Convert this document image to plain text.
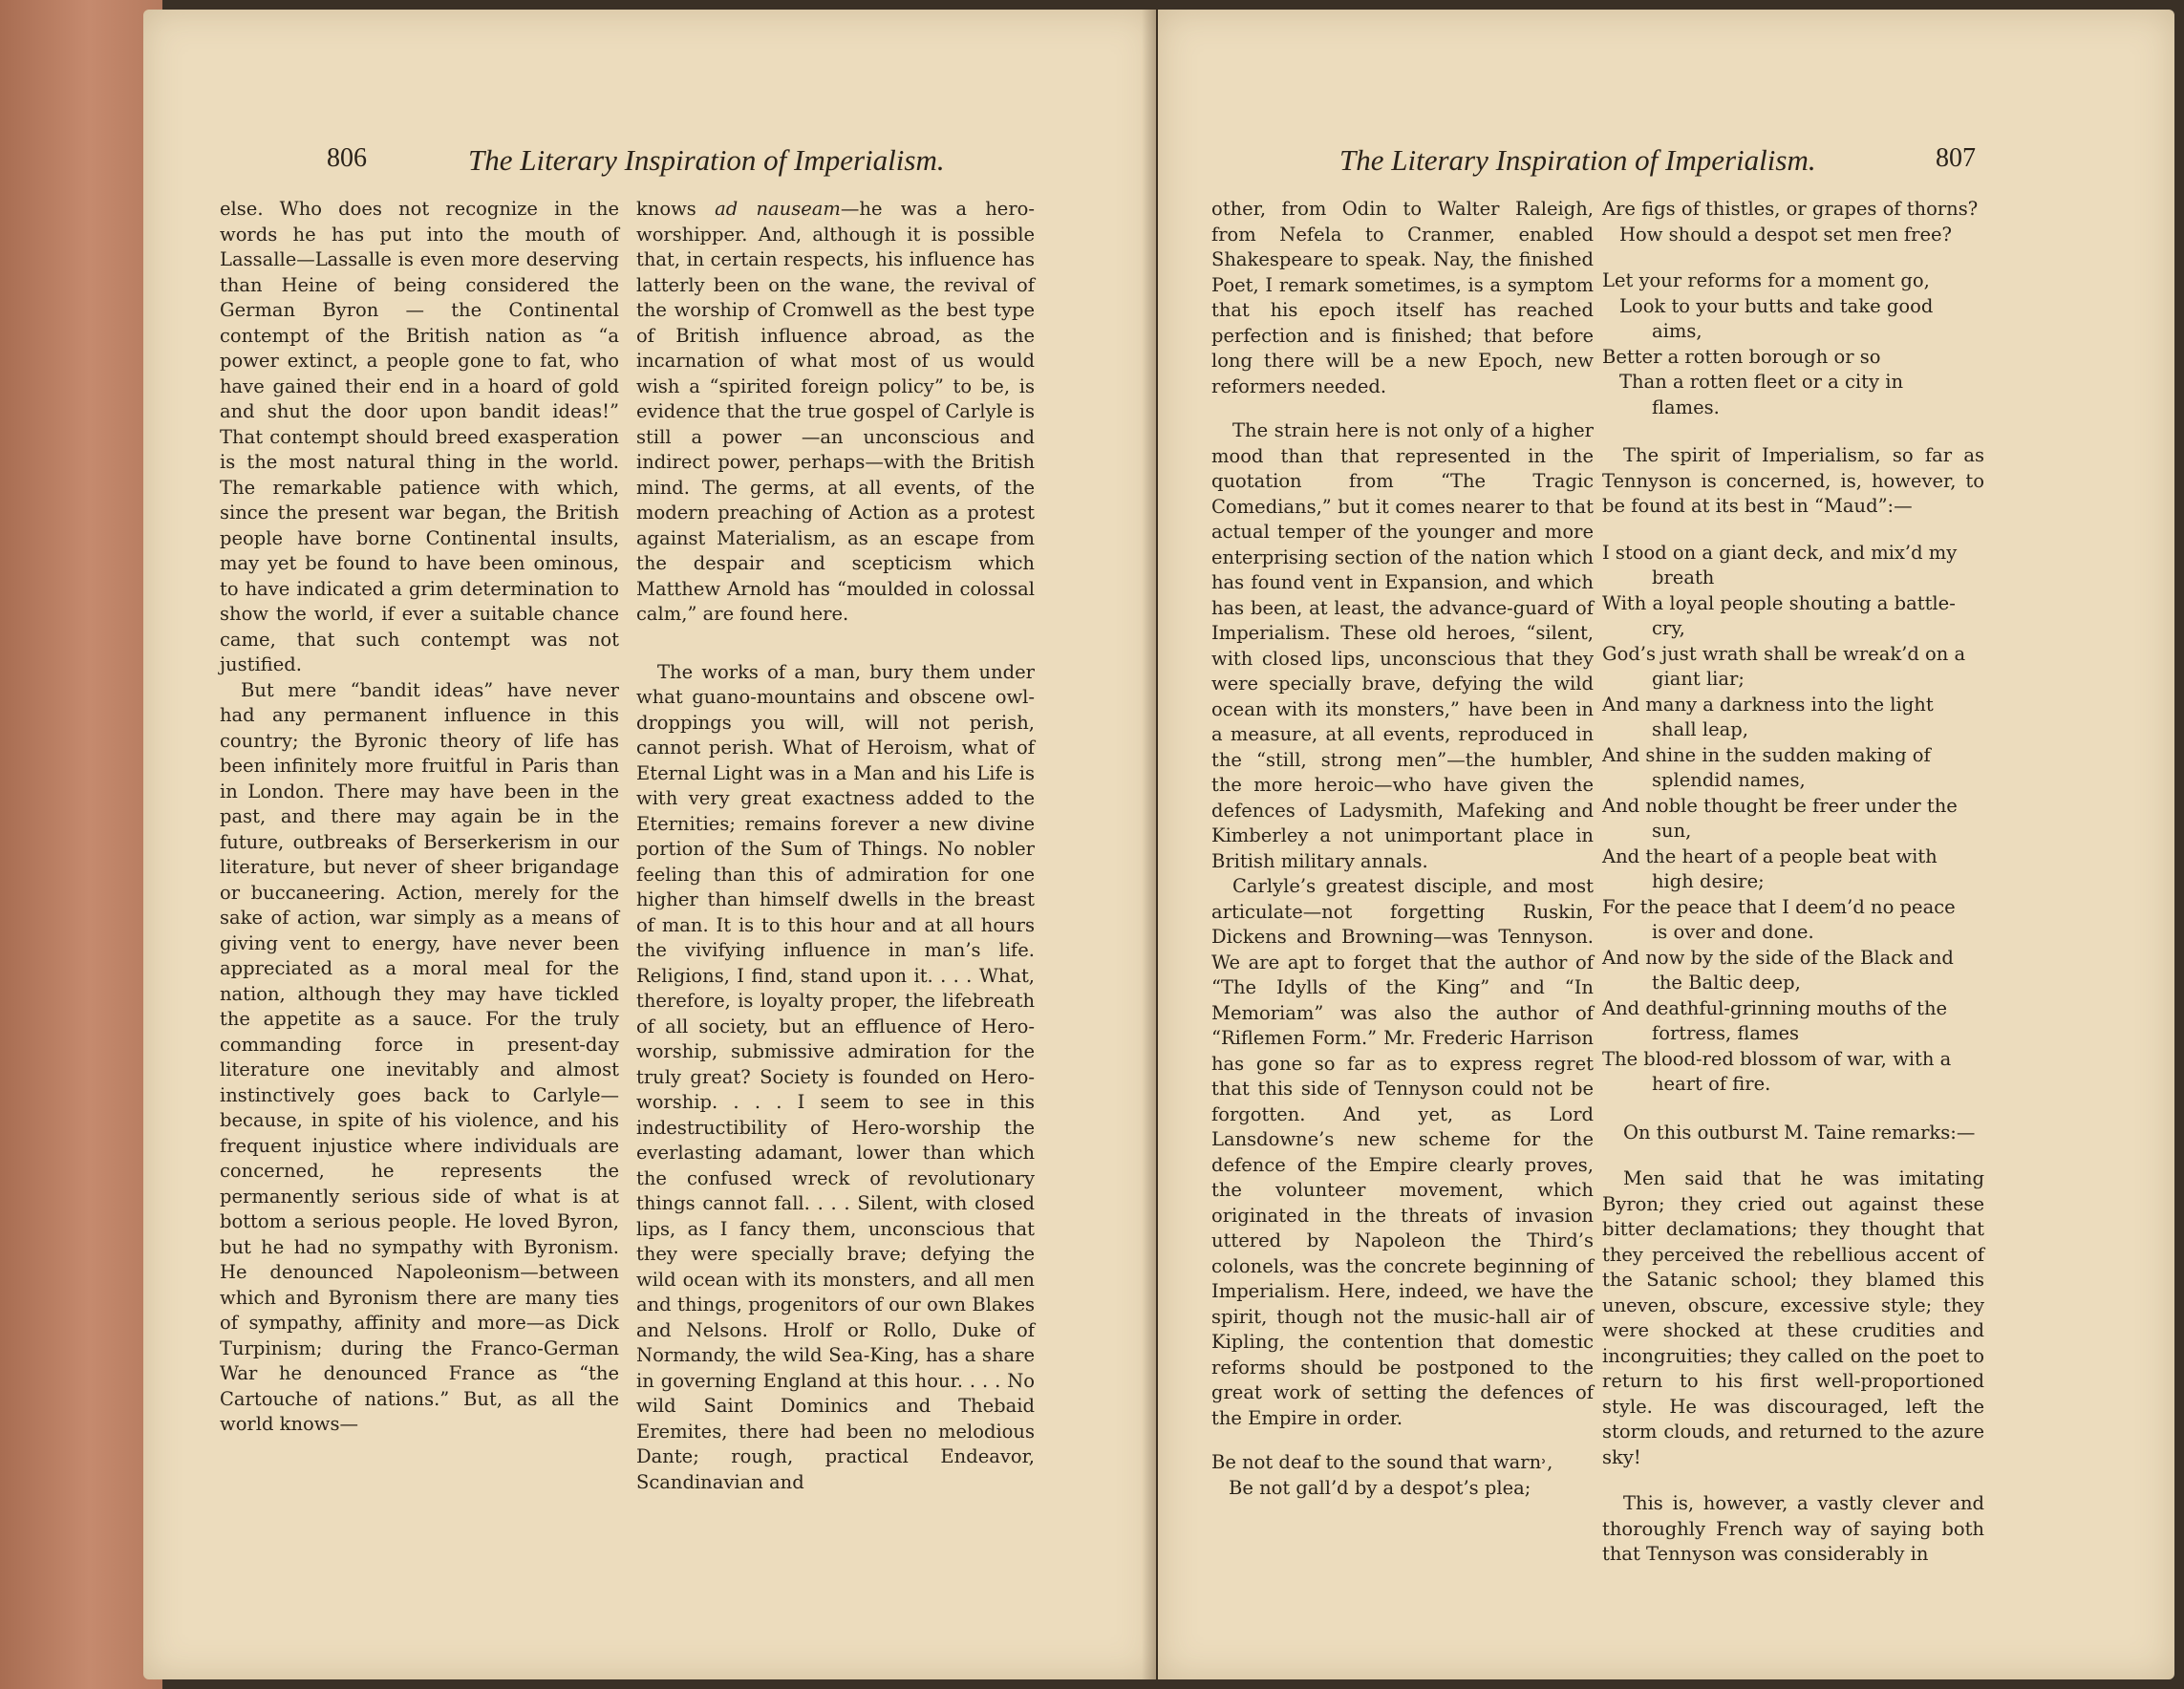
806	The Literary Inspiration of Imperialism.

else. Who does not recognize in the words he has put into the mouth of Lassalle—Lassalle is even more deserving than Heine of being considered the German Byron — the Continental contempt of the British nation as “a power extinct, a people gone to fat, who have gained their end in a hoard of gold and shut the door upon bandit ideas!” That contempt should breed exasperation is the most natural thing in the world. The remarkable patience with which, since the present war began, the British people have borne Continental insults, may yet be found to have been ominous, to have indicated a grim determination to show the world, if ever a suitable chance came, that such contempt was not justified.

But mere “bandit ideas” have never had any permanent influence in this country; the Byronic theory of life has been infinitely more fruitful in Paris than in London. There may have been in the past, and there may again be in the future, outbreaks of Berserkerism in our literature, but never of sheer brigandage or buccaneering. Action, merely for the sake of action, war simply as a means of giving vent to energy, have never been appreciated as a moral meal for the nation, although they may have tickled the appetite as a sauce. For the truly commanding force in present-day literature one inevitably and almost instinctively goes back to Carlyle—because, in spite of his violence, and his frequent injustice where individuals are concerned, he represents the permanently serious side of what is at bottom a serious people. He loved Byron, but he had no sympathy with Byronism. He denounced Napoleonism—between which and Byronism there are many ties of sympathy, affinity and more—as Dick Turpinism; during the Franco-German War he denounced France as “the Cartouche of nations.” But, as all the world knows—

knows ad nauseam—he was a hero-worshipper. And, although it is possible that, in certain respects, his influence has latterly been on the wane, the revival of the worship of Cromwell as the best type of British influence abroad, as the incarnation of what most of us would wish a “spirited foreign policy” to be, is evidence that the true gospel of Carlyle is still a power —an unconscious and indirect power, perhaps—with the British mind. The germs, at all events, of the modern preaching of Action as a protest against Materialism, as an escape from the despair and scepticism which Matthew Arnold has “moulded in colossal calm,” are found here.

The works of a man, bury them under what guano-mountains and obscene owl-droppings you will, will not perish, cannot perish. What of Heroism, what of Eternal Light was in a Man and his Life is with very great exactness added to the Eternities; remains forever a new divine portion of the Sum of Things. No nobler feeling than this of admiration for one higher than himself dwells in the breast of man. It is to this hour and at all hours the vivifying influence in man’s life. Religions, I find, stand upon it. . . . What, therefore, is loyalty proper, the lifebreath of all society, but an effluence of Hero-worship, submissive admiration for the truly great? Society is founded on Hero-worship. . . . I seem to see in this indestructibility of Hero-worship the everlasting adamant, lower than which the confused wreck of revolutionary things cannot fall. . . . Silent, with closed lips, as I fancy them, unconscious that they were specially brave; defying the wild ocean with its monsters, and all men and things, progenitors of our own Blakes and Nelsons. Hrolf or Rollo, Duke of Normandy, the wild Sea-King, has a share in governing England at this hour. . . . No wild Saint Dominics and Thebaid Eremites, there had been no melodious Dante; rough, practical Endeavor, Scandinavian and

The Literary Inspiration of Imperialism.	807

other, from Odin to Walter Raleigh, from Nefela to Cranmer, enabled Shakespeare to speak. Nay, the finished Poet, I remark sometimes, is a symptom that his epoch itself has reached perfection and is finished; that before long there will be a new Epoch, new reformers needed.

The strain here is not only of a higher mood than that represented in the quotation from “The Tragic Comedians,” but it comes nearer to that actual temper of the younger and more enterprising section of the nation which has found vent in Expansion, and which has been, at least, the advance-guard of Imperialism. These old heroes, “silent, with closed lips, unconscious that they were specially brave, defying the wild ocean with its monsters,” have been in a measure, at all events, reproduced in the “still, strong men”—the humbler, the more heroic—who have given the defences of Ladysmith, Mafeking and Kimberley a not unimportant place in British military annals.

Carlyle’s greatest disciple, and most articulate—not forgetting Ruskin, Dickens and Browning—was Tennyson. We are apt to forget that the author of “The Idylls of the King” and “In Memoriam” was also the author of “Riflemen Form.” Mr. Frederic Harrison has gone so far as to express regret that this side of Tennyson could not be forgotten. And yet, as Lord Lansdowne’s new scheme for the defence of the Empire clearly proves, the volunteer movement, which originated in the threats of invasion uttered by Napoleon the Third’s colonels, was the concrete beginning of Imperialism. Here, indeed, we have the spirit, though not the music-hall air of Kipling, the contention that domestic reforms should be postponed to the great work of setting the defences of the Empire in order.

Be not deaf to the sound that warn˒,
Be not gall’d by a despot’s plea;
Are figs of thistles, or grapes of thorns?
How should a despot set men free?
Let your reforms for a moment go,
Look to your butts and take good
aims,
Better a rotten borough or so
Than a rotten fleet or a city in
flames.

The spirit of Imperialism, so far as Tennyson is concerned, is, however, to be found at its best in “Maud”:—

I stood on a giant deck, and mix’d my
breath
With a loyal people shouting a battle-
cry,
God’s just wrath shall be wreak’d on a
giant liar;
And many a darkness into the light
shall leap,
And shine in the sudden making of
splendid names,
And noble thought be freer under the
sun,
And the heart of a people beat with
high desire;
For the peace that I deem’d no peace
is over and done.
And now by the side of the Black and
the Baltic deep,
And deathful-grinning mouths of the
fortress, flames
The blood-red blossom of war, with a
heart of fire.

On this outburst M. Taine remarks:—

Men said that he was imitating Byron; they cried out against these bitter declamations; they thought that they perceived the rebellious accent of the Satanic school; they blamed this uneven, obscure, excessive style; they were shocked at these crudities and incongruities; they called on the poet to return to his first well-proportioned style. He was discouraged, left the storm clouds, and returned to the azure sky!

This is, however, a vastly clever and thoroughly French way of saying both that Tennyson was considerably in
